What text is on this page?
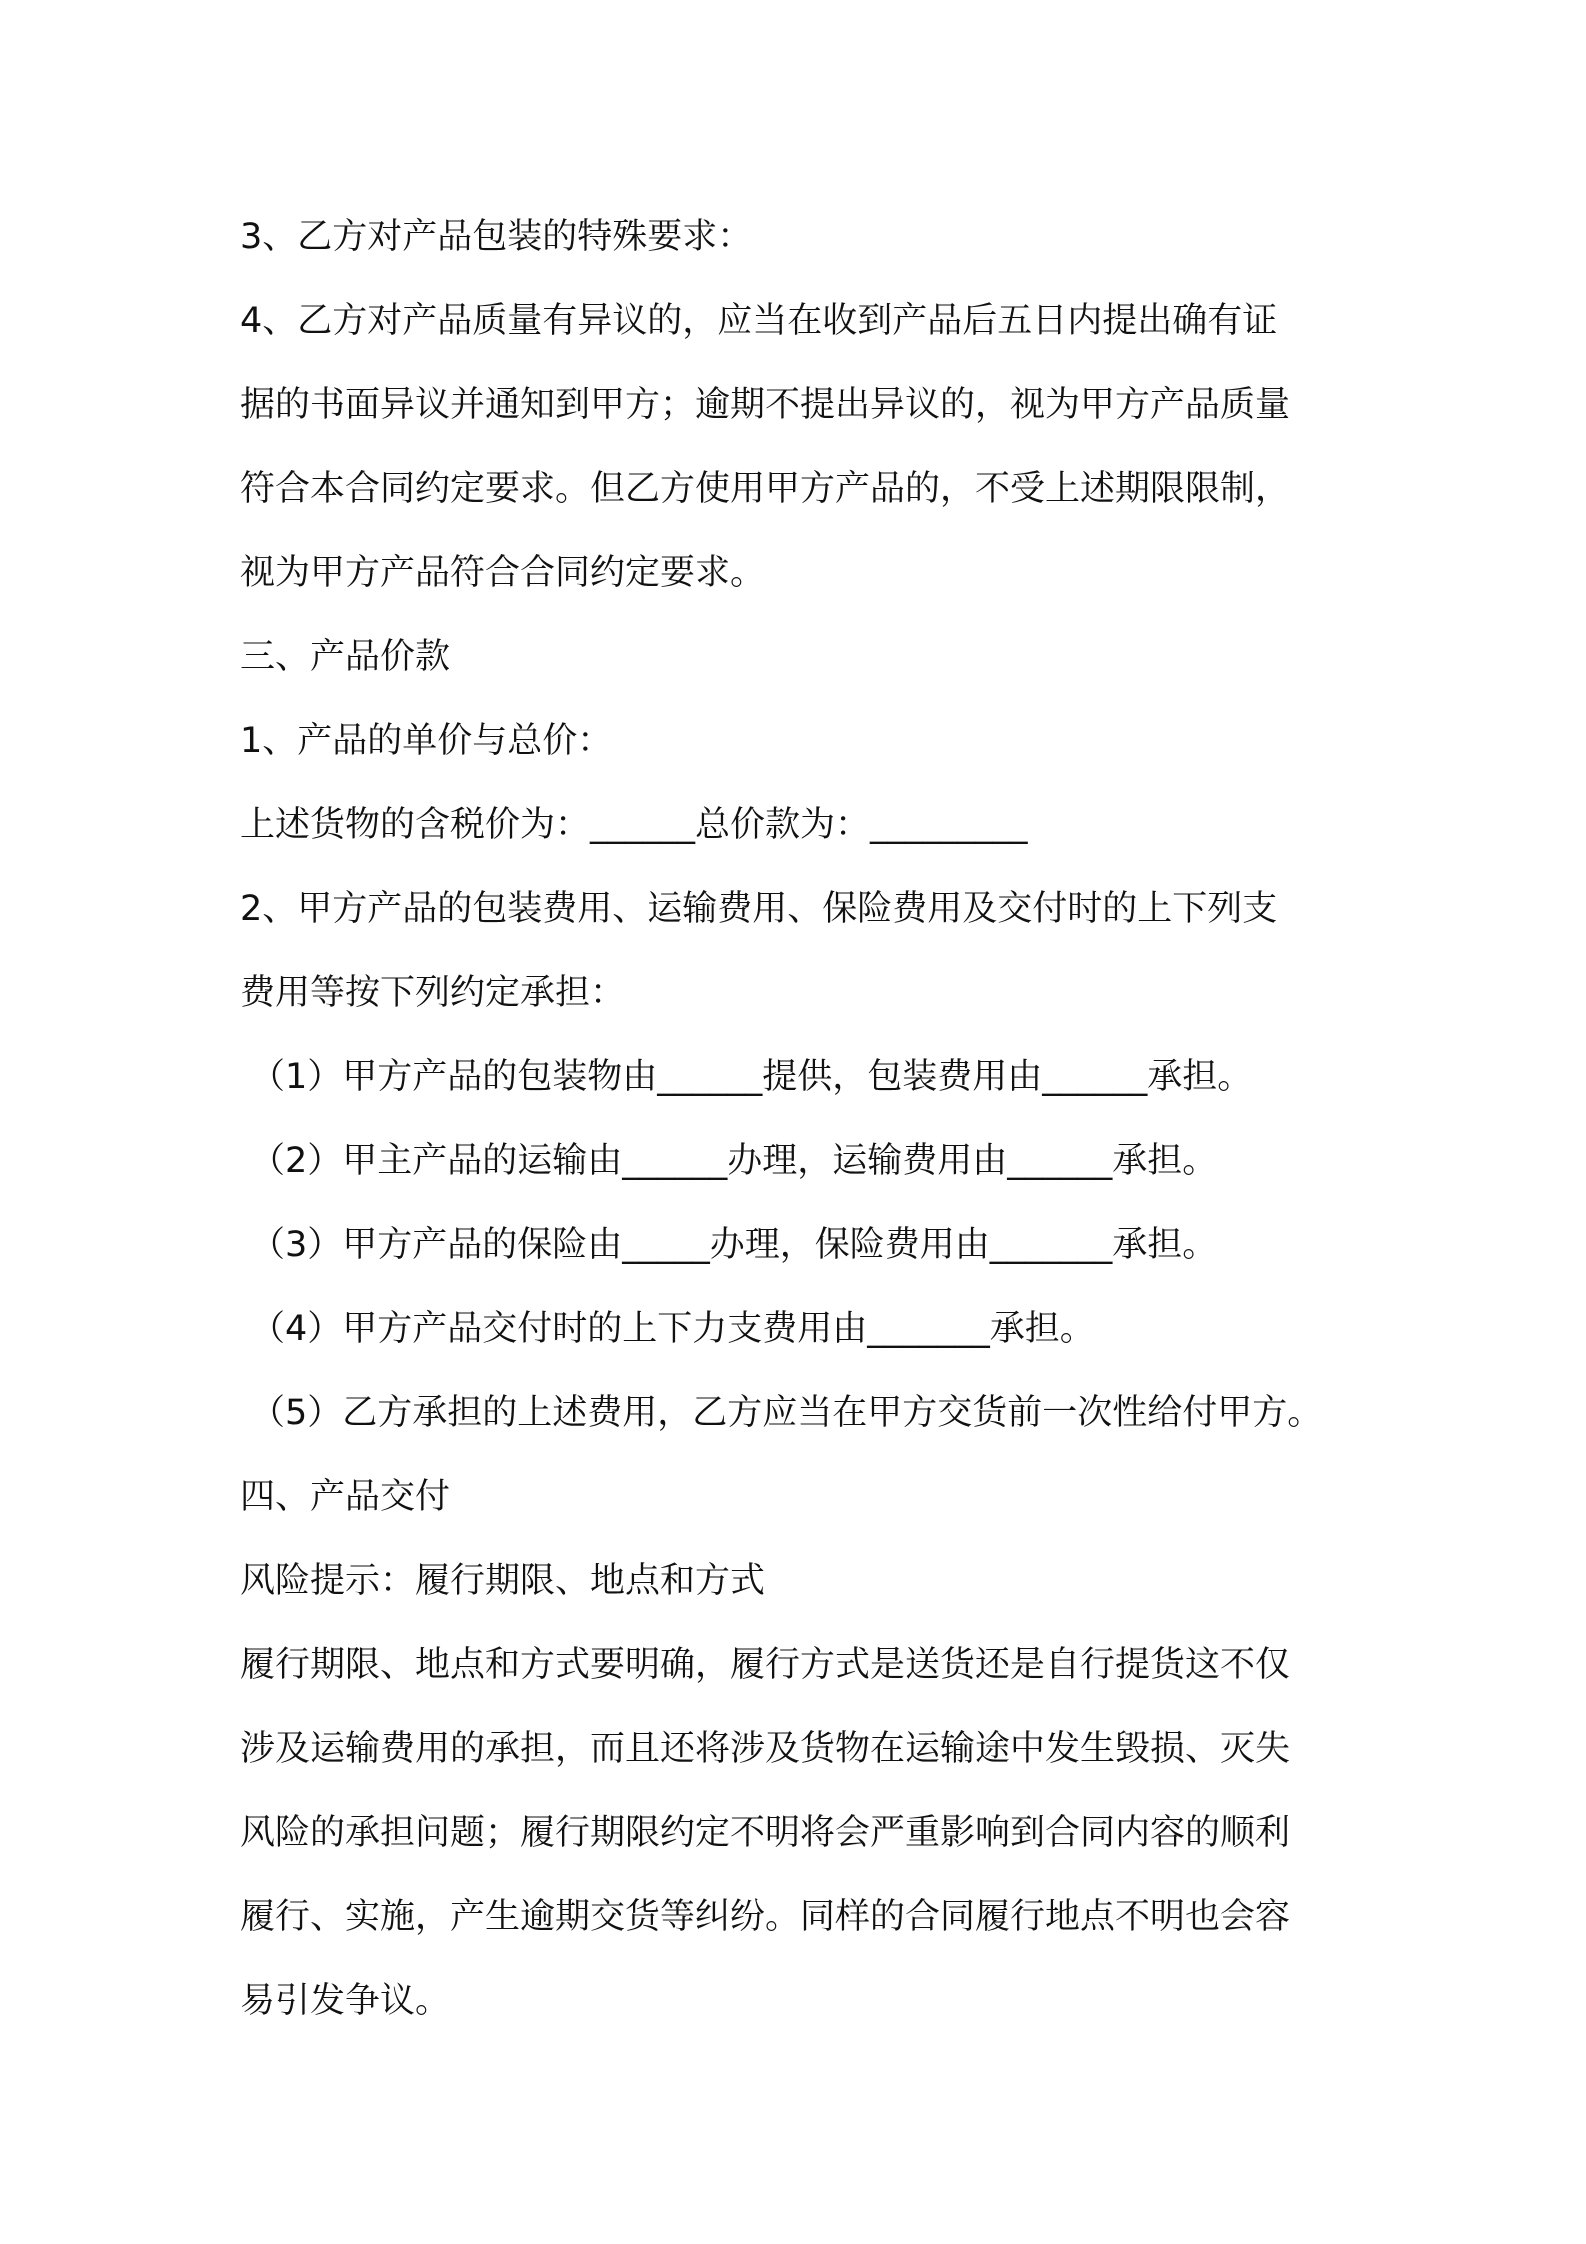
3、乙方对产品包装的特殊要求：
4、乙方对产品质量有异议的，应当在收到产品后五日内提出确有证
据的书面异议并通知到甲方；逾期不提出异议的，视为甲方产品质量
符合本合同约定要求。但乙方使用甲方产品的，不受上述期限限制，
视为甲方产品符合合同约定要求。
三、产品价款
1、产品的单价与总价：
上述货物的含税价为：______总价款为：_________
2、甲方产品的包装费用、运输费用、保险费用及交付时的上下列支
费用等按下列约定承担：
（1）甲方产品的包装物由______提供，包装费用由______承担。
（2）甲主产品的运输由______办理，运输费用由______承担。
（3）甲方产品的保险由_____办理，保险费用由_______承担。
（4）甲方产品交付时的上下力支费用由_______承担。
（5）乙方承担的上述费用，乙方应当在甲方交货前一次性给付甲方。
四、产品交付
风险提示：履行期限、地点和方式
履行期限、地点和方式要明确，履行方式是送货还是自行提货这不仅
涉及运输费用的承担，而且还将涉及货物在运输途中发生毁损、灭失
风险的承担问题；履行期限约定不明将会严重影响到合同内容的顺利
履行、实施，产生逾期交货等纠纷。同样的合同履行地点不明也会容
易引发争议。
